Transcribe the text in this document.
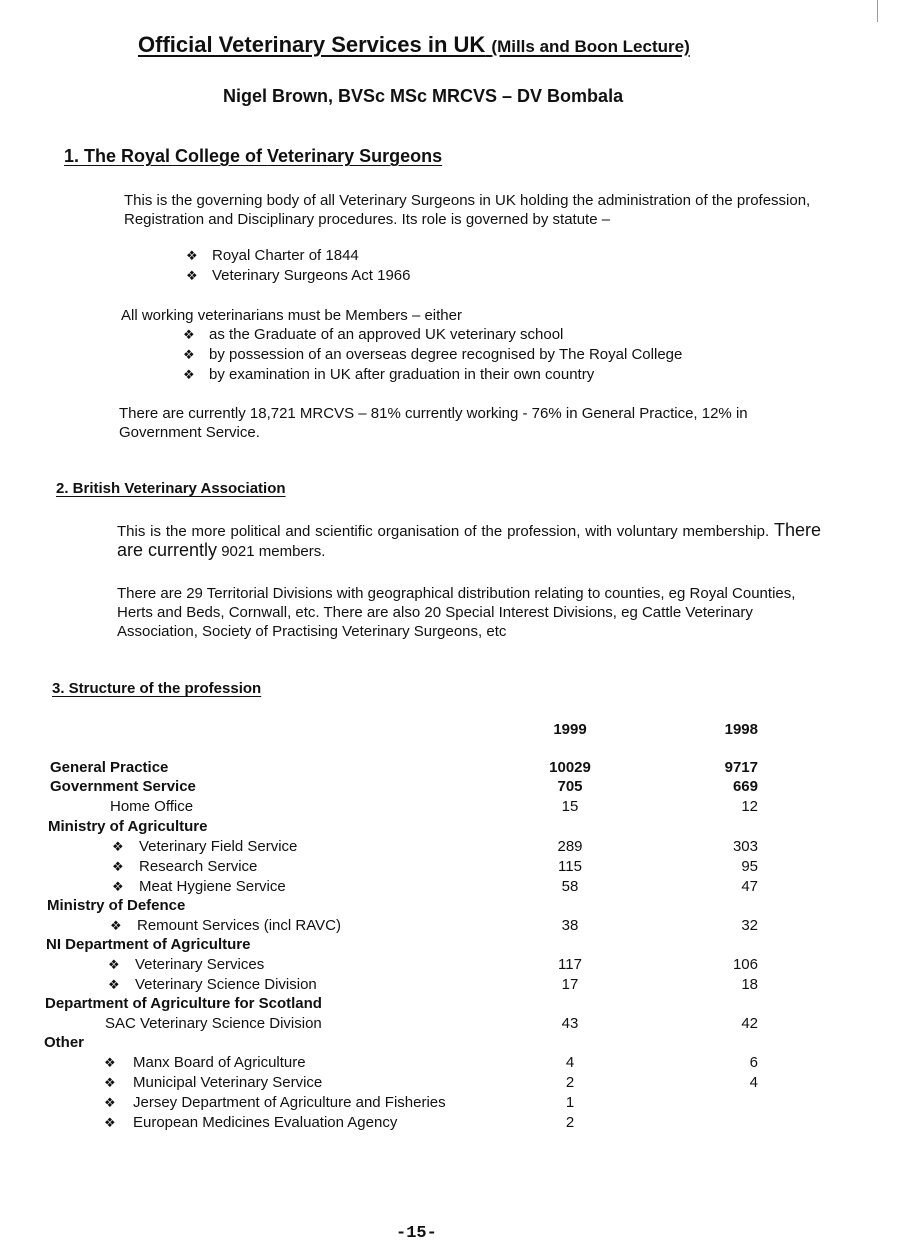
Official Veterinary Services in UK (Mills and Boon Lecture)
Nigel Brown, BVSc MSc MRCVS – DV Bombala
1. The Royal College of Veterinary Surgeons
This is the governing body of all Veterinary Surgeons in UK holding the administration of the profession, Registration and Disciplinary procedures. Its role is governed by statute –
❖ Royal Charter of 1844
❖ Veterinary Surgeons Act 1966
All working veterinarians must be Members – either
❖ as the Graduate of an approved UK veterinary school
❖ by possession of an overseas degree recognised by The Royal College
❖ by examination in UK after graduation in their own country
There are currently 18,721 MRCVS – 81% currently working - 76% in General Practice, 12% in Government Service.
2. British Veterinary Association
This is the more political and scientific organisation of the profession, with voluntary membership. There are currently 9021 members.
There are 29 Territorial Divisions with geographical distribution relating to counties, eg Royal Counties, Herts and Beds, Cornwall, etc. There are also 20 Special Interest Divisions, eg Cattle Veterinary Association, Society of Practising Veterinary Surgeons, etc
3. Structure of the profession
1999	1998
General Practice	10029	9717
Government Service	705	669
Home Office	15	12
Ministry of Agriculture
❖ Veterinary Field Service	289	303
❖ Research Service	115	95
❖ Meat Hygiene Service	58	47
Ministry of Defence
❖ Remount Services (incl RAVC)	38	32
NI Department of Agriculture
❖ Veterinary Services	117	106
❖ Veterinary Science Division	17	18
Department of Agriculture for Scotland
SAC Veterinary Science Division	43	42
Other
❖ Manx Board of Agriculture	4	6
❖ Municipal Veterinary Service	2	4
❖ Jersey Department of Agriculture and Fisheries	1
❖ European Medicines Evaluation Agency	2
-15-
